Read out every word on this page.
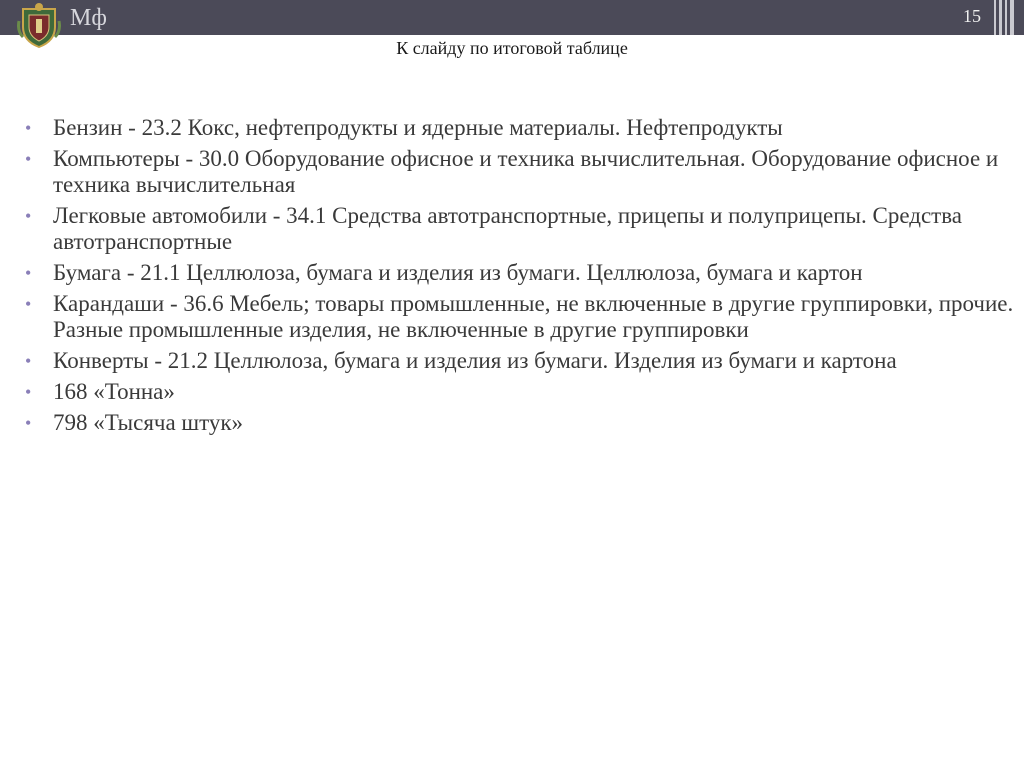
Мф	15
К слайду по итоговой таблице
• Бензин - 23.2 Кокс, нефтепродукты и ядерные материалы. Нефтепродукты
• Компьютеры - 30.0 Оборудование офисное и техника вычислительная. Оборудование офисное и техника вычислительная
• Легковые автомобили - 34.1 Средства автотранспортные, прицепы и полуприцепы. Средства автотранспортные
• Бумага - 21.1 Целлюлоза, бумага и изделия из бумаги. Целлюлоза, бумага и картон
• Карандаши - 36.6 Мебель; товары промышленные, не включенные в другие группировки, прочие. Разные промышленные изделия, не включенные в другие группировки
• Конверты - 21.2 Целлюлоза, бумага и изделия из бумаги. Изделия из бумаги и картона
• 168 «Тонна»
• 798 «Тысяча штук»
